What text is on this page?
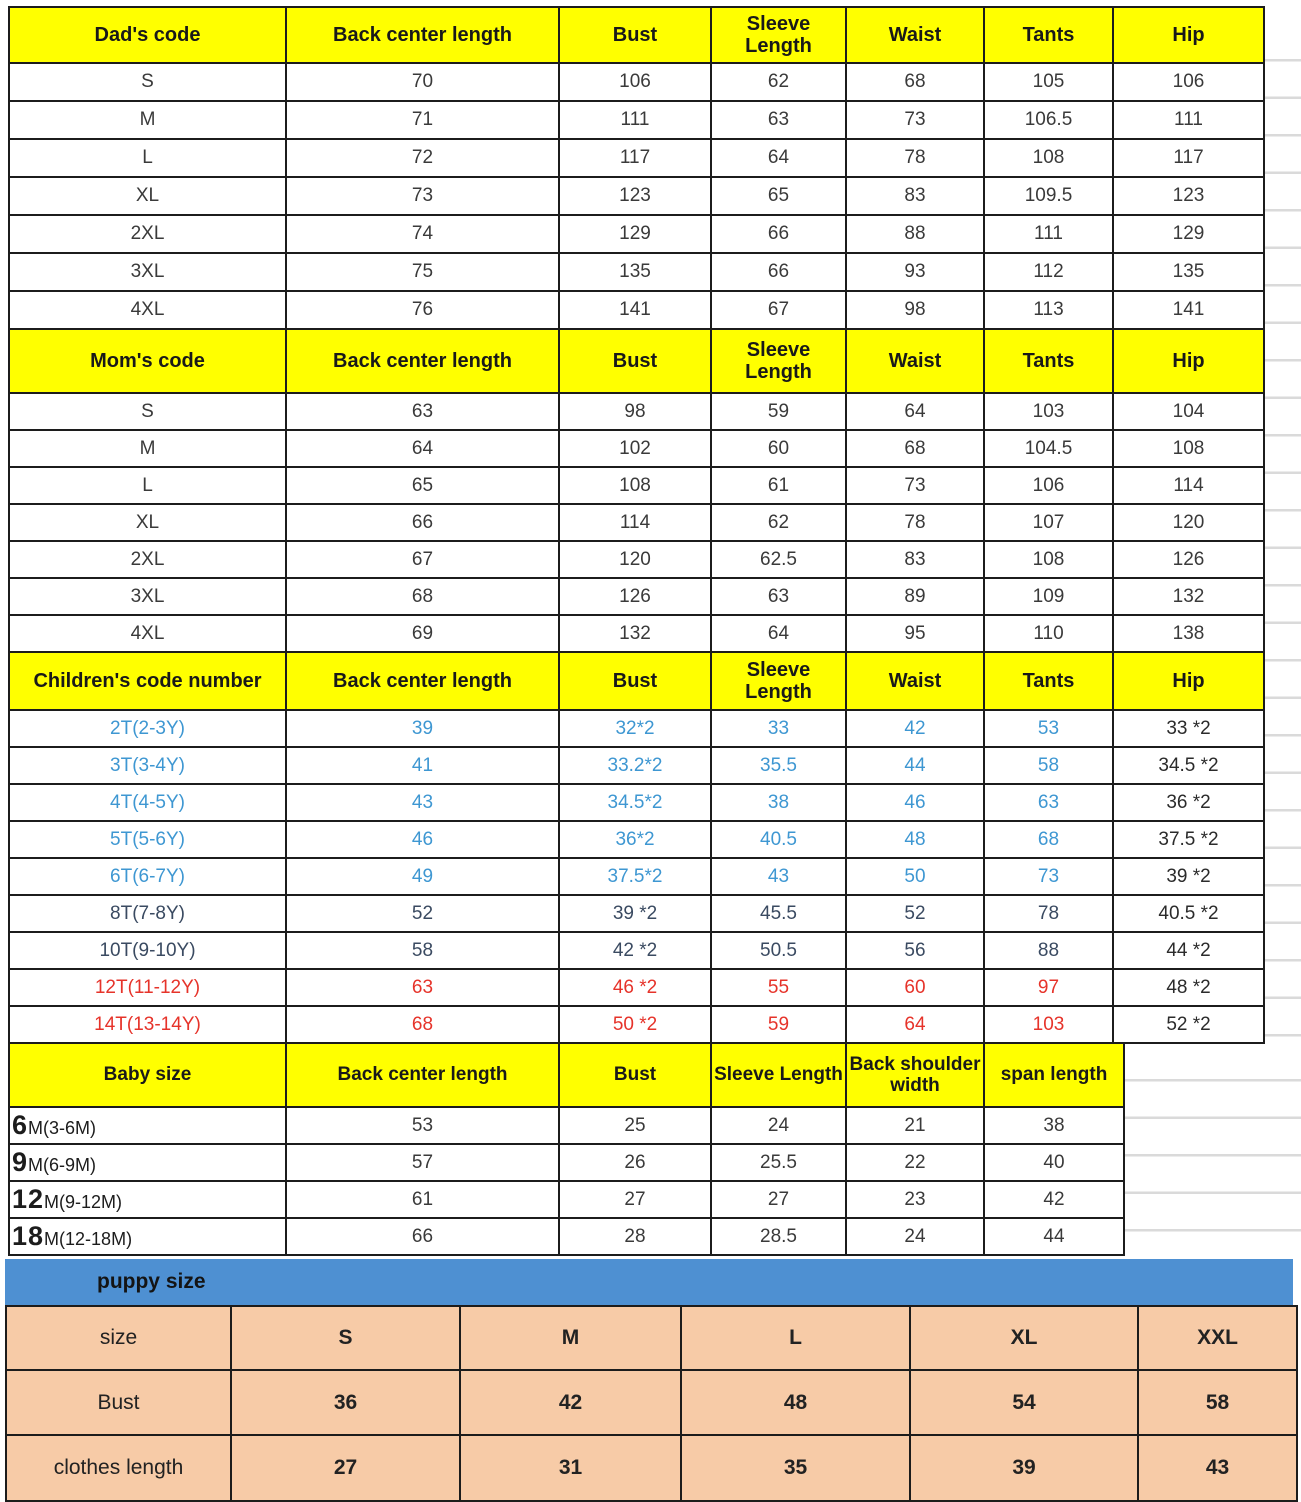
Dad's code	Back center length	Bust	Sleeve Length	Waist	Tants	Hip
S	70	106	62	68	105	106
M	71	111	63	73	106.5	111
L	72	117	64	78	108	117
XL	73	123	65	83	109.5	123
2XL	74	129	66	88	111	129
3XL	75	135	66	93	112	135
4XL	76	141	67	98	113	141
Mom's code	Back center length	Bust	Sleeve Length	Waist	Tants	Hip
S	63	98	59	64	103	104
M	64	102	60	68	104.5	108
L	65	108	61	73	106	114
XL	66	114	62	78	107	120
2XL	67	120	62.5	83	108	126
3XL	68	126	63	89	109	132
4XL	69	132	64	95	110	138
Children's code number	Back center length	Bust	Sleeve Length	Waist	Tants	Hip
2T(2-3Y)	39	32*2	33	42	53	33 *2
3T(3-4Y)	41	33.2*2	35.5	44	58	34.5 *2
4T(4-5Y)	43	34.5*2	38	46	63	36 *2
5T(5-6Y)	46	36*2	40.5	48	68	37.5 *2
6T(6-7Y)	49	37.5*2	43	50	73	39 *2
8T(7-8Y)	52	39 *2	45.5	52	78	40.5 *2
10T(9-10Y)	58	42 *2	50.5	56	88	44 *2
12T(11-12Y)	63	46 *2	55	60	97	48 *2
14T(13-14Y)	68	50 *2	59	64	103	52 *2
Baby size	Back center length	Bust	Sleeve Length	Back shoulder width	span length
6M(3-6M)	53	25	24	21	38
9M(6-9M)	57	26	25.5	22	40
12M(9-12M)	61	27	27	23	42
18M(12-18M)	66	28	28.5	24	44
puppy size
size	S	M	L	XL	XXL
Bust	36	42	48	54	58
clothes length	27	31	35	39	43
